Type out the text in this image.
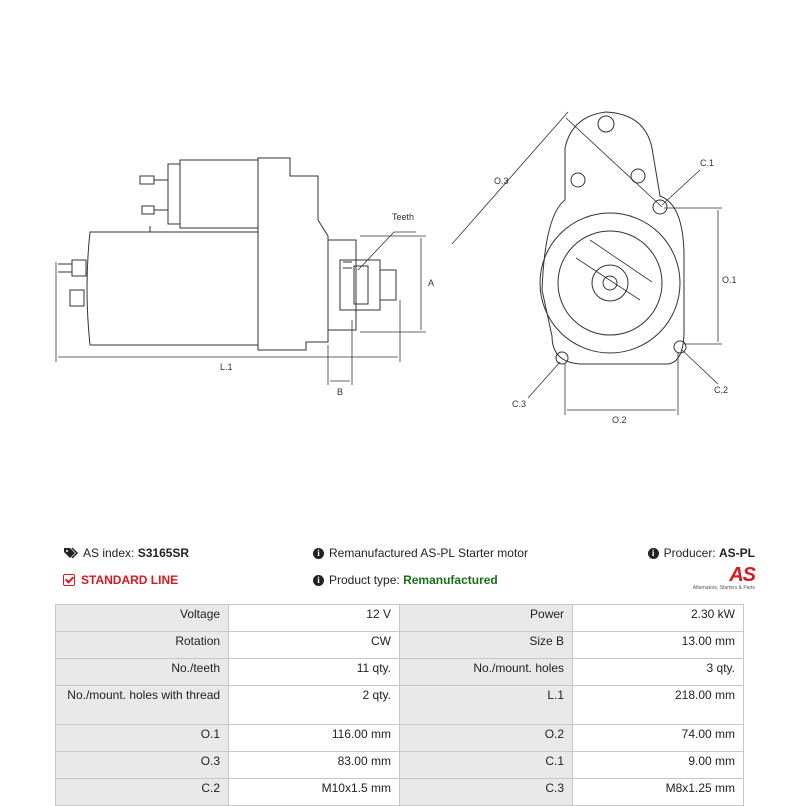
Teeth
A
B
L.1
O.3
C.1
O.1
C.2
C.3
O.2
AS index:
S3165SR
STANDARD LINE
i Remanufactured AS-PL Starter motor
i Product type:
Remanufactured
i Producer:
AS-PL
AS
Alternators, Starters & Parts
Voltage	12 V	Power	2.30 kW
Rotation	CW	Size B	13.00 mm
No./teeth	11 qty.	No./mount. holes	3 qty.
No./mount. holes with thread	2 qty.	L.1	218.00 mm
O.1	116.00 mm	O.2	74.00 mm
O.3	83.00 mm	C.1	9.00 mm
C.2	M10x1.5 mm	C.3	M8x1.25 mm
